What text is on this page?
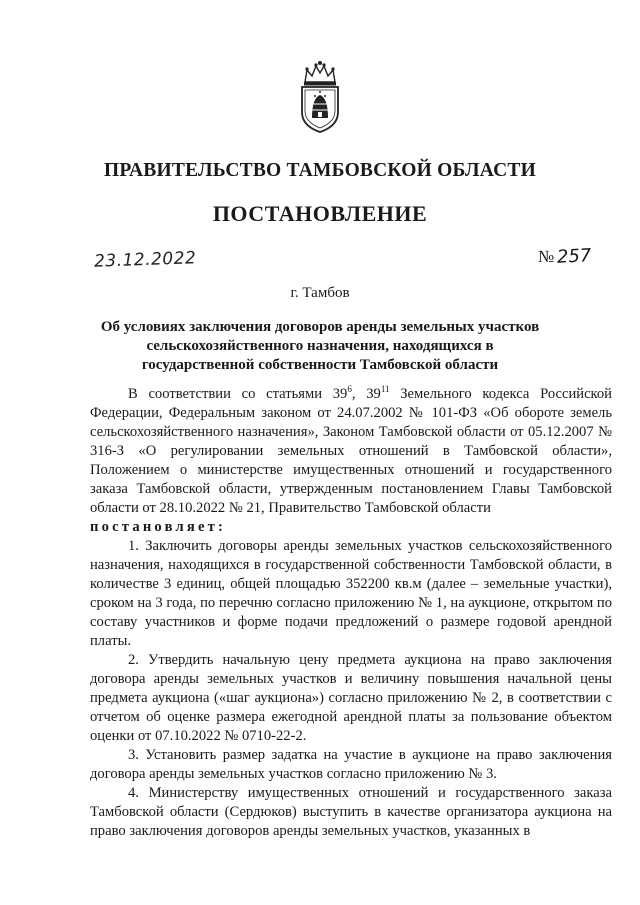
ПРАВИТЕЛЬСТВО ТАМБОВСКОЙ ОБЛАСТИ
ПОСТАНОВЛЕНИЕ
23.12.2022	№ 257
г. Тамбов
Об условиях заключения договоров аренды земельных участков сельскохозяйственного назначения, находящихся в государственной собственности Тамбовской области

В соответствии со статьями $39^6$, $39^{11}$ Земельного кодекса Российской Федерации, Федеральным законом от 24.07.2002 № 101-ФЗ «Об обороте земель сельскохозяйственного назначения», Законом Тамбовской области от 05.12.2007 № 316-З «О регулировании земельных отношений в Тамбовской области», Положением о министерстве имущественных отношений и государственного заказа Тамбовской области, утвержденным постановлением Главы Тамбовской области от 28.10.2022 № 21, Правительство Тамбовской области

постановляет:

1. Заключить договоры аренды земельных участков сельскохозяйственного назначения, находящихся в государственной собственности Тамбовской области, в количестве 3 единиц, общей площадью 352200 кв.м (далее – земельные участки), сроком на 3 года, по перечню согласно приложению № 1, на аукционе, открытом по составу участников и форме подачи предложений о размере годовой арендной платы.

2. Утвердить начальную цену предмета аукциона на право заключения договора аренды земельных участков и величину повышения начальной цены предмета аукциона («шаг аукциона») согласно приложению № 2, в соответствии с отчетом об оценке размера ежегодной арендной платы за пользование объектом оценки от 07.10.2022 № 0710-22-2.

3. Установить размер задатка на участие в аукционе на право заключения договора аренды земельных участков согласно приложению № 3.

4. Министерству имущественных отношений и государственного заказа Тамбовской области (Сердюков) выступить в качестве организатора аукциона на право заключения договоров аренды земельных участков, указанных в
